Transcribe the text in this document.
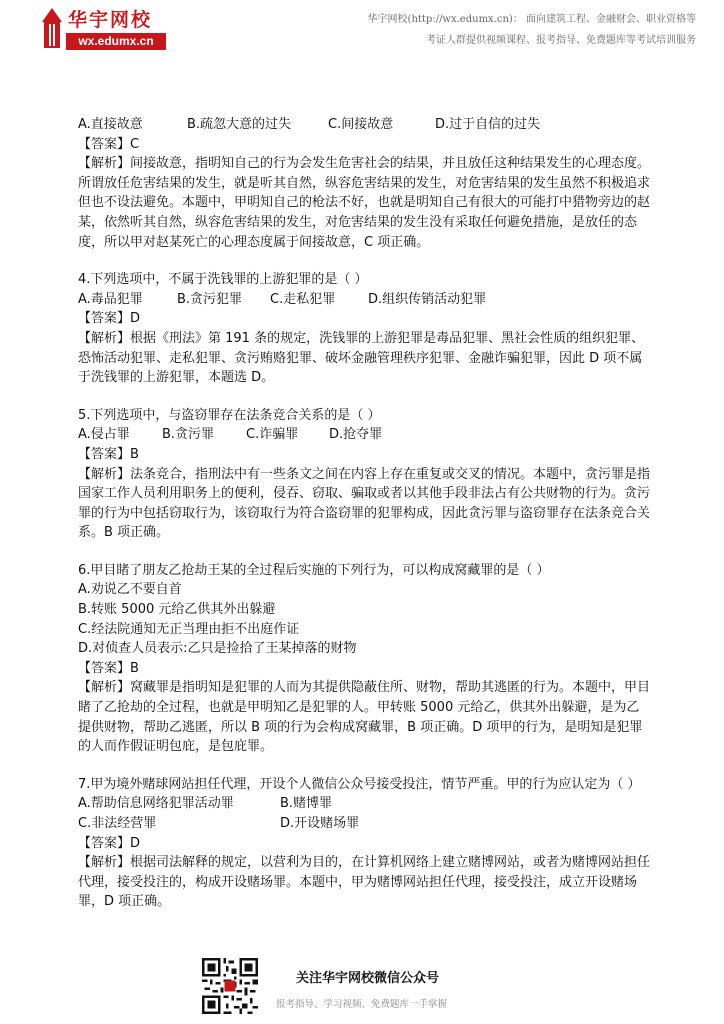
华宇网校
wx.edumx.cn
华宇网校(http://wx.edumx.cn)： 面向建筑工程、金融财会、职业资格等
考证人群提供视频课程、报考指导、免费题库等考试培训服务
A.直接故意	B.疏忽大意的过失	C.间接故意	D.过于自信的过失

【答案】C

【解析】间接故意，指明知自己的行为会发生危害社会的结果，并且放任这种结果发生的心理态度。所谓放任危害结果的发生，就是听其自然，纵容危害结果的发生，对危害结果的发生虽然不积极追求但也不设法避免。本题中，甲明知自己的枪法不好，也就是明知自己有很大的可能打中猎物旁边的赵某，依然听其自然，纵容危害结果的发生，对危害结果的发生没有采取任何避免措施，是放任的态度，所以甲对赵某死亡的心理态度属于间接故意，C 项正确。

4.下列选项中，不属于洗钱罪的上游犯罪的是（ ）

A.毒品犯罪	B.贪污犯罪 C.走私犯罪	D.组织传销活动犯罪

【答案】D

【解析】根据《刑法》第 191 条的规定，洗钱罪的上游犯罪是毒品犯罪、黑社会性质的组织犯罪、恐怖活动犯罪、走私犯罪、贪污贿赂犯罪、破坏金融管理秩序犯罪、金融诈骗犯罪，因此 D 项不属于洗钱罪的上游犯罪，本题选 D。

5.下列选项中，与盗窃罪存在法条竞合关系的是（ ）

A.侵占罪 B.贪污罪 C.诈骗罪 D.抢夺罪

【答案】B

【解析】法条竞合，指刑法中有一些条文之间在内容上存在重复或交叉的情况。本题中，贪污罪是指国家工作人员利用职务上的便利，侵吞、窃取、骗取或者以其他手段非法占有公共财物的行为。贪污罪的行为中包括窃取行为，该窃取行为符合盗窃罪的犯罪构成，因此贪污罪与盗窃罪存在法条竞合关系。B 项正确。

6.甲目睹了朋友乙抢劫王某的全过程后实施的下列行为，可以构成窝藏罪的是（ ）

A.劝说乙不要自首

B.转账 5000 元给乙供其外出躲避

C.经法院通知无正当理由拒不出庭作证

D.对侦查人员表示:乙只是捡拾了王某掉落的财物

【答案】B

【解析】窝藏罪是指明知是犯罪的人而为其提供隐蔽住所、财物，帮助其逃匿的行为。本题中，甲目睹了乙抢劫的全过程，也就是甲明知乙是犯罪的人。甲转账 5000 元给乙，供其外出躲避，是为乙提供财物，帮助乙逃匿，所以 B 项的行为会构成窝藏罪，B 项正确。D 项甲的行为，是明知是犯罪的人而作假证明包庇，是包庇罪。

7.甲为境外赌球网站担任代理，开设个人微信公众号接受投注，情节严重。甲的行为应认定为（ ）

A.帮助信息网络犯罪活动罪	B.赌博罪
C.非法经营罪	D.开设赌场罪

【答案】D

【解析】根据司法解释的规定，以营利为目的，在计算机网络上建立赌博网站，或者为赌博网站担任代理，接受投注的，构成开设赌场罪。本题中，甲为赌博网站担任代理，接受投注，成立开设赌场罪，D 项正确。

关注华宇网校微信公众号
报考指导、学习视频、免费题库一手掌握
